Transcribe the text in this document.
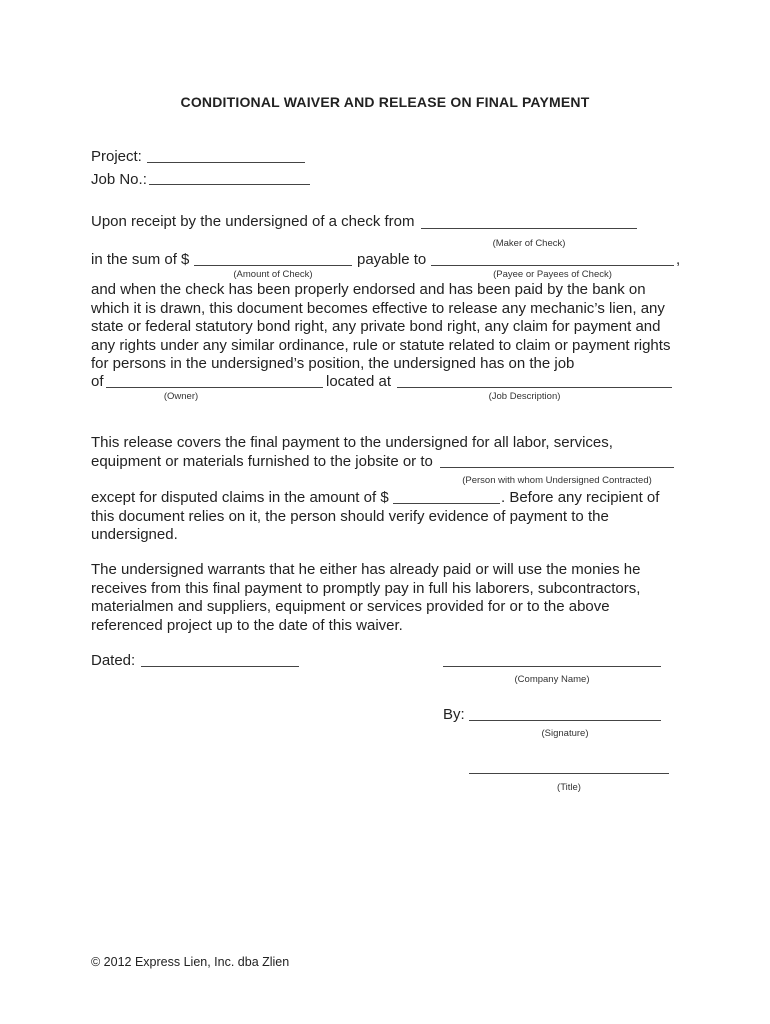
CONDITIONAL WAIVER AND RELEASE ON FINAL PAYMENT
Project:
Job No.:
Upon receipt by the undersigned of a check from
(Maker of Check)
in the sum of $	payable to	,
(Amount of Check)	(Payee or Payees of Check)
and when the check has been properly endorsed and has been paid by the bank on
which it is drawn, this document becomes effective to release any mechanic’s lien, any
state or federal statutory bond right, any private bond right, any claim for payment and
any rights under any similar ordinance, rule or statute related to claim or payment rights
for persons in the undersigned’s position, the undersigned has on the job
of	located at
(Owner)	(Job Description)
This release covers the final payment to the undersigned for all labor, services,
equipment or materials furnished to the jobsite or to
(Person with whom Undersigned Contracted)
except for disputed claims in the amount of $	. Before any recipient of
this document relies on it, the person should verify evidence of payment to the
undersigned.
The undersigned warrants that he either has already paid or will use the monies he
receives from this final payment to promptly pay in full his laborers, subcontractors,
materialmen and suppliers, equipment or services provided for or to the above
referenced project up to the date of this waiver.
Dated:
(Company Name)
By:
(Signature)
(Title)
© 2012 Express Lien, Inc. dba Zlien
